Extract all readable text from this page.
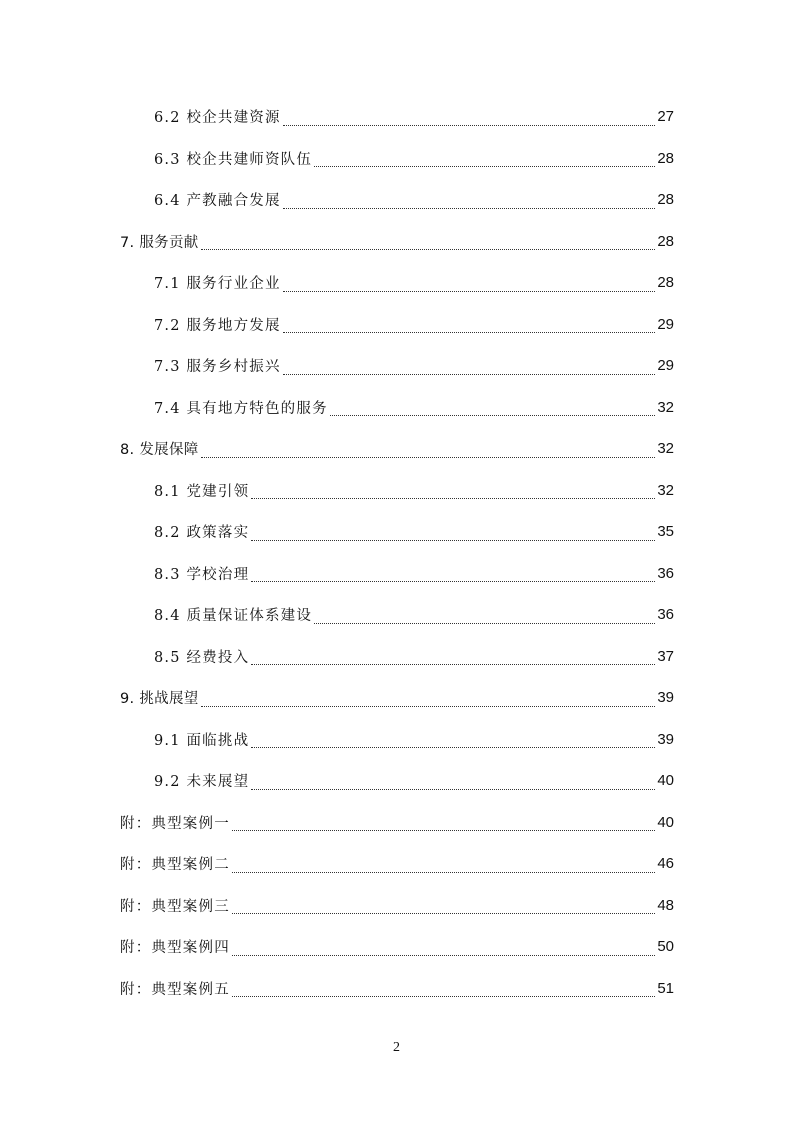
6.2 校企共建资源	27
6.3 校企共建师资队伍	28
6.4 产教融合发展	28
7. 服务贡献	28
7.1 服务行业企业	28
7.2 服务地方发展	29
7.3 服务乡村振兴	29
7.4 具有地方特色的服务	32
8. 发展保障	32
8.1 党建引领	32
8.2 政策落实	35
8.3 学校治理	36
8.4 质量保证体系建设	36
8.5 经费投入	37
9. 挑战展望	39
9.1 面临挑战	39
9.2 未来展望	40
附：典型案例一	40
附：典型案例二	46
附：典型案例三	48
附：典型案例四	50
附：典型案例五	51
2
